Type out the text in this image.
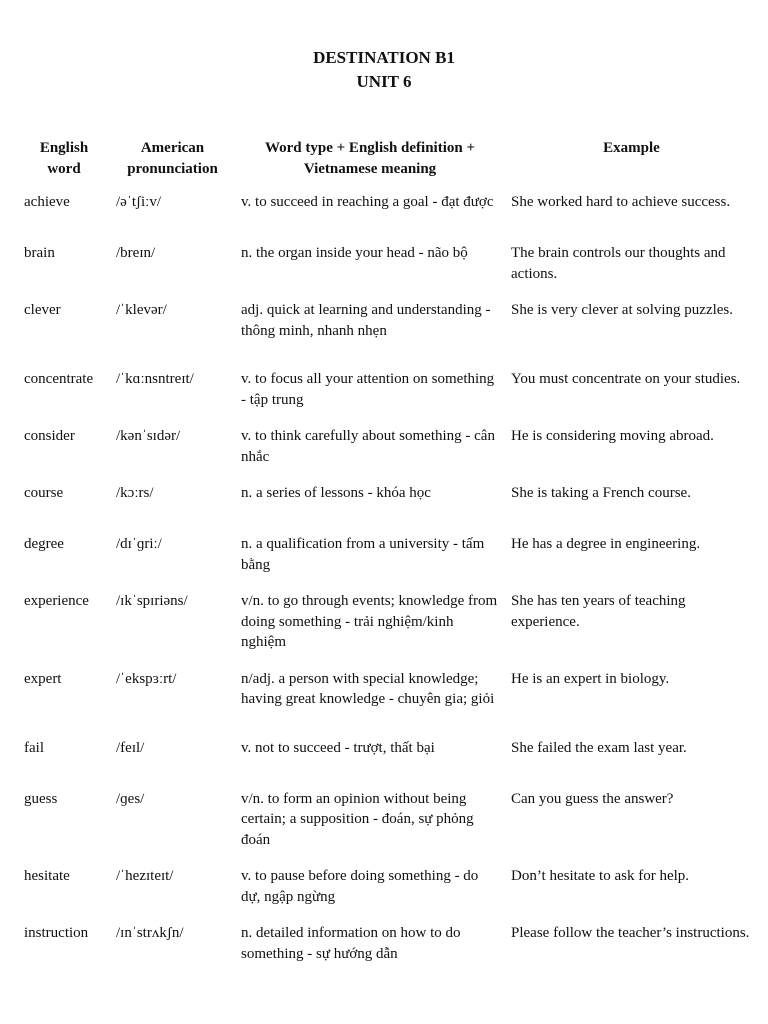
DESTINATION B1
UNIT 6
English word	American pronunciation	Word type + English definition + Vietnamese meaning	Example
achieve	/əˈtʃiːv/	v. to succeed in reaching a goal - đạt được	She worked hard to achieve success.
brain	/breɪn/	n. the organ inside your head - não bộ	The brain controls our thoughts and actions.
clever	/ˈklevər/	adj. quick at learning and understanding - thông minh, nhanh nhẹn	She is very clever at solving puzzles.
concentrate	/ˈkɑːnsntreɪt/	v. to focus all your attention on something - tập trung	You must concentrate on your studies.
consider	/kənˈsɪdər/	v. to think carefully about something - cân nhắc	He is considering moving abroad.
course	/kɔːrs/	n. a series of lessons - khóa học	She is taking a French course.
degree	/dɪˈɡriː/	n. a qualification from a university - tấm bằng	He has a degree in engineering.
experience	/ɪkˈspɪriəns/	v/n. to go through events; knowledge from doing something - trải nghiệm/kinh nghiệm	She has ten years of teaching experience.
expert	/ˈekspɜːrt/	n/adj. a person with special knowledge; having great knowledge - chuyên gia; giỏi	He is an expert in biology.
fail	/feɪl/	v. not to succeed - trượt, thất bại	She failed the exam last year.
guess	/ɡes/	v/n. to form an opinion without being certain; a supposition - đoán, sự phỏng đoán	Can you guess the answer?
hesitate	/ˈhezɪteɪt/	v. to pause before doing something - do dự, ngập ngừng	Don’t hesitate to ask for help.
instruction	/ɪnˈstrʌkʃn/	n. detailed information on how to do something - sự hướng dẫn	Please follow the teacher’s instructions.
